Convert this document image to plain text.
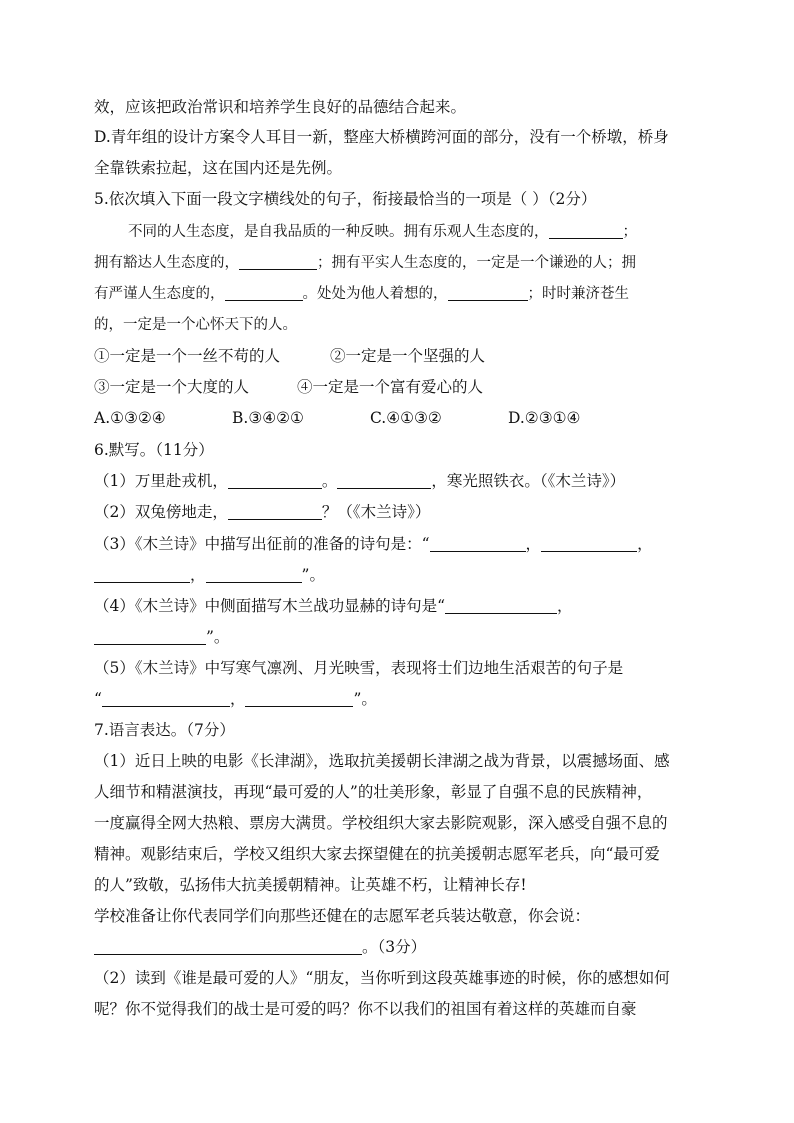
效，应该把政治常识和培养学生良好的品德结合起来。
D.青年组的设计方案令人耳目一新，整座大桥横跨河面的部分，没有一个桥墩，桥身
全靠铁索拉起，这在国内还是先例。
5.依次填入下面一段文字横线处的句子，衔接最恰当的一项是（ ）（2分）
不同的人生态度，是自我品质的一种反映。拥有乐观人生态度的，	；
拥有豁达人生态度的，	；拥有平实人生态度的，一定是一个谦逊的人；拥
有严谨人生态度的，	。处处为他人着想的，	；时时兼济苍生
的，一定是一个心怀天下的人。
①一定是一个一丝不苟的人	②一定是一个坚强的人
③一定是一个大度的人	④一定是一个富有爱心的人
A.①③②④	B.③④②①	C.④①③②	D.②③①④
6.默写。（11分）
（1）万里赴戎机，	。	，寒光照铁衣。（《木兰诗》）
（2）双兔傍地走，	？（《木兰诗》）
（3）《木兰诗》中描写出征前的准备的诗句是：“	，	，
，	”。
（4）《木兰诗》中侧面描写木兰战功显赫的诗句是“	，
”。
（5）《木兰诗》中写寒气凛冽、月光映雪，表现将士们边地生活艰苦的句子是
“	，	”。
7.语言表达。（7分）
（1）近日上映的电影《长津湖》，选取抗美援朝长津湖之战为背景，以震撼场面、感
人细节和精湛演技，再现“最可爱的人”的壮美形象，彰显了自强不息的民族精神，
一度赢得全网大热粮、票房大满贯。学校组织大家去影院观影，深入感受自强不息的
精神。观影结束后，学校又组织大家去探望健在的抗美援朝志愿军老兵，向“最可爱
的人”致敬，弘扬伟大抗美援朝精神。让英雄不朽，让精神长存!
学校准备让你代表同学们向那些还健在的志愿军老兵装达敬意，你会说：
。（3分）
（2）读到《谁是最可爱的人》“朋友，当你听到这段英雄事迹的时候，你的感想如何
呢？你不觉得我们的战士是可爱的吗？你不以我们的祖国有着这样的英雄而自豪
